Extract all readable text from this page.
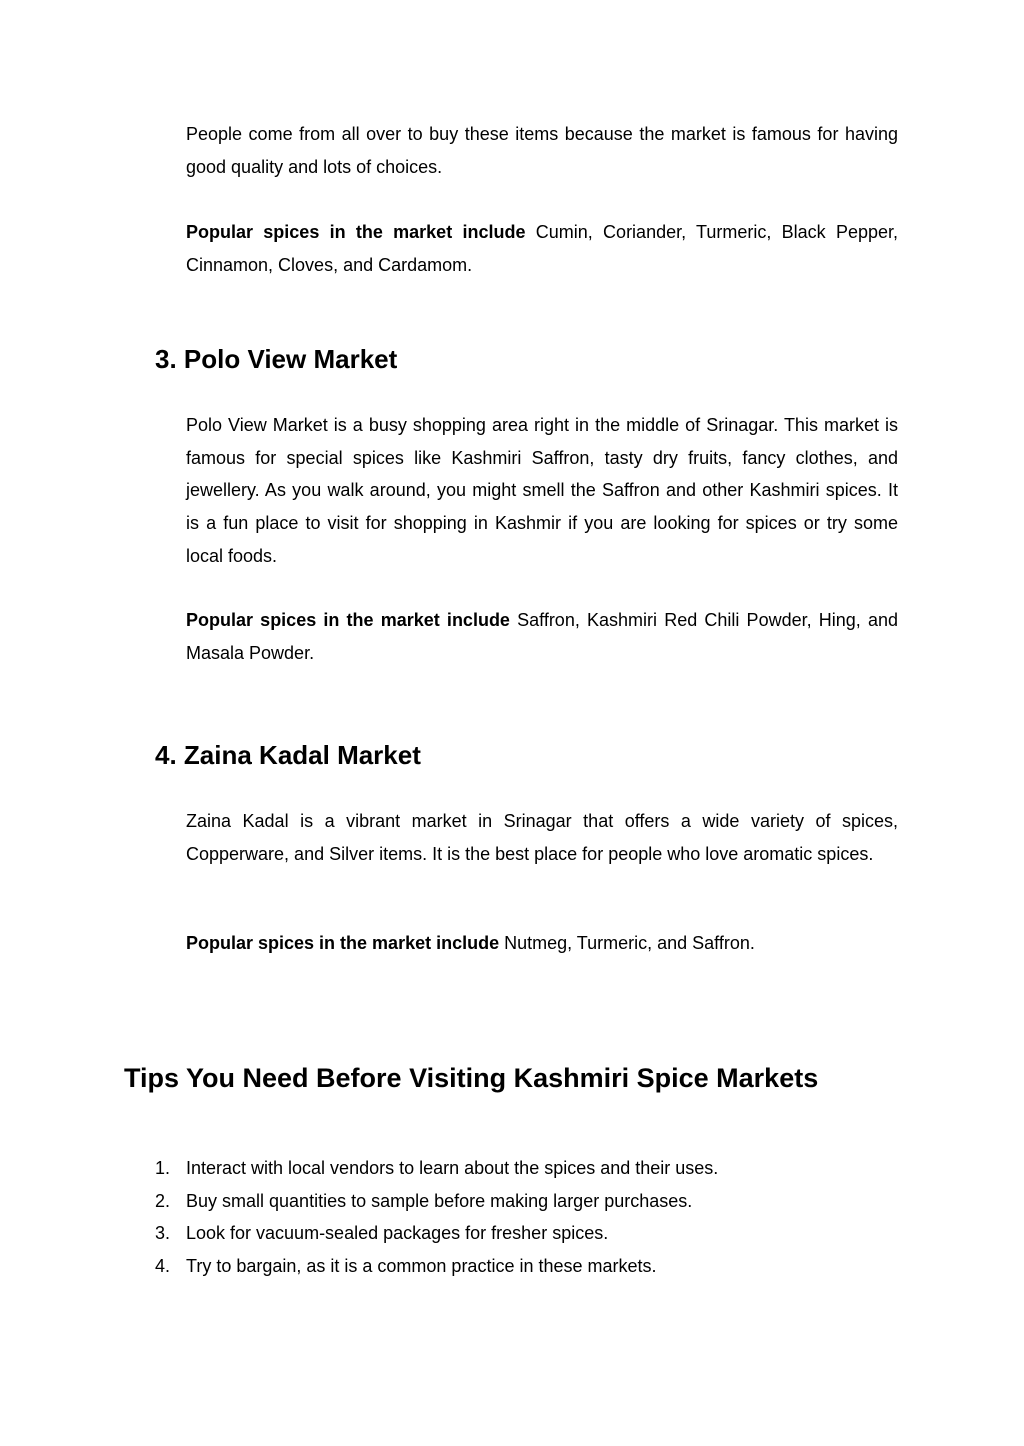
People come from all over to buy these items because the market is famous for having good quality and lots of choices.

Popular spices in the market include Cumin, Coriander, Turmeric, Black Pepper, Cinnamon, Cloves, and Cardamom.

3. Polo View Market

Polo View Market is a busy shopping area right in the middle of Srinagar. This market is famous for special spices like Kashmiri Saffron, tasty dry fruits, fancy clothes, and jewellery. As you walk around, you might smell the Saffron and other Kashmiri spices. It is a fun place to visit for shopping in Kashmir if you are looking for spices or try some local foods.

Popular spices in the market include Saffron, Kashmiri Red Chili Powder, Hing, and Masala Powder.

4. Zaina Kadal Market

Zaina Kadal is a vibrant market in Srinagar that offers a wide variety of spices, Copperware, and Silver items. It is the best place for people who love aromatic spices.

Popular spices in the market include Nutmeg, Turmeric, and Saffron.

Tips You Need Before Visiting Kashmiri Spice Markets
1. Interact with local vendors to learn about the spices and their uses.
2. Buy small quantities to sample before making larger purchases.
3. Look for vacuum-sealed packages for fresher spices.
4. Try to bargain, as it is a common practice in these markets.
